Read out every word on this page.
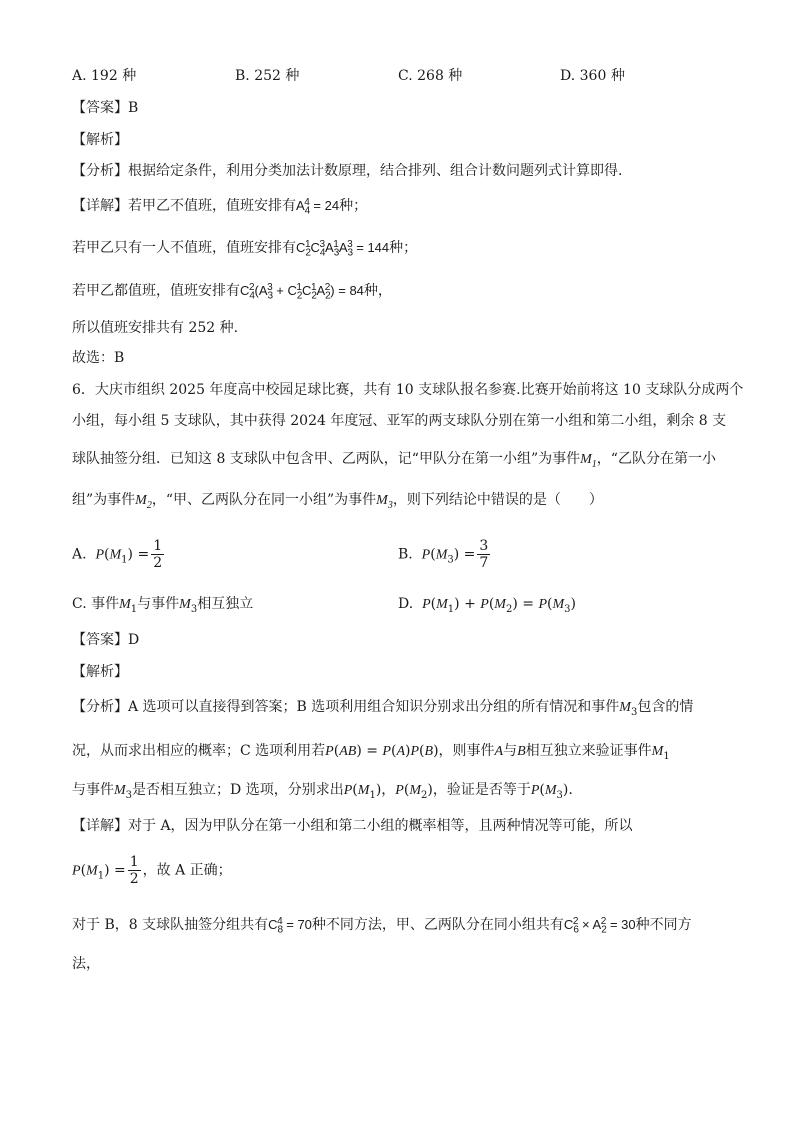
A. 192 种	B. 252 种	C. 268 种	D. 360 种
【答案】B
【解析】
【分析】根据给定条件，利用分类加法计数原理，结合排列、组合计数问题列式计算即得.
【详解】若甲乙不值班，值班安排有$A_4^4 = 24$种；
若甲乙只有一人不值班，值班安排有$C_2^1C_4^3A_3^1A_3^3 = 144$种；
若甲乙都值班，值班安排有$C_4^2(A_3^3 + C_2^1C_2^1A_2^2) = 84$种，
所以值班安排共有 252 种.
故选：B
6．大庆市组织 2025 年度高中校园足球比赛，共有 10 支球队报名参赛.比赛开始前将这 10 支球队分成两个
小组，每小组 5 支球队，其中获得 2024 年度冠、亚军的两支球队分别在第一小组和第二小组，剩余 8 支
球队抽签分组．已知这 8 支球队中包含甲、乙两队，记“甲队分在第一小组”为事件$M_1$，“乙队分在第一小
组”为事件$M_2$，“甲、乙两队分在同一小组”为事件$M_3$，则下列结论中错误的是（　　）
A. $P(M_1) = \frac{1}{2}$	B. $P(M_3) = \frac{3}{7}$
C. 事件$M_1$与事件$M_3$相互独立	D. $P(M_1) + P(M_2) = P(M_3)$
【答案】D
【解析】
【分析】A 选项可以直接得到答案；B 选项利用组合知识分别求出分组的所有情况和事件$M_3$包含的情
况，从而求出相应的概率；C 选项利用若P(AB) = P(A)P(B)，则事件A与B相互独立来验证事件$M_1$
与事件$M_3$是否相互独立；D 选项，分别求出$P(M_1)$，$P(M_2)$，验证是否等于$P(M_3)$.
【详解】对于 A，因为甲队分在第一小组和第二小组的概率相等，且两种情况等可能，所以
$P(M_1) = \frac{1}{2}$ ，故 A 正确；
对于 B，8 支球队抽签分组共有$C_8^4 = 70$种不同方法，甲、乙两队分在同小组共有$C_6^2 \times A_2^2 = 30$种不同方
法，
